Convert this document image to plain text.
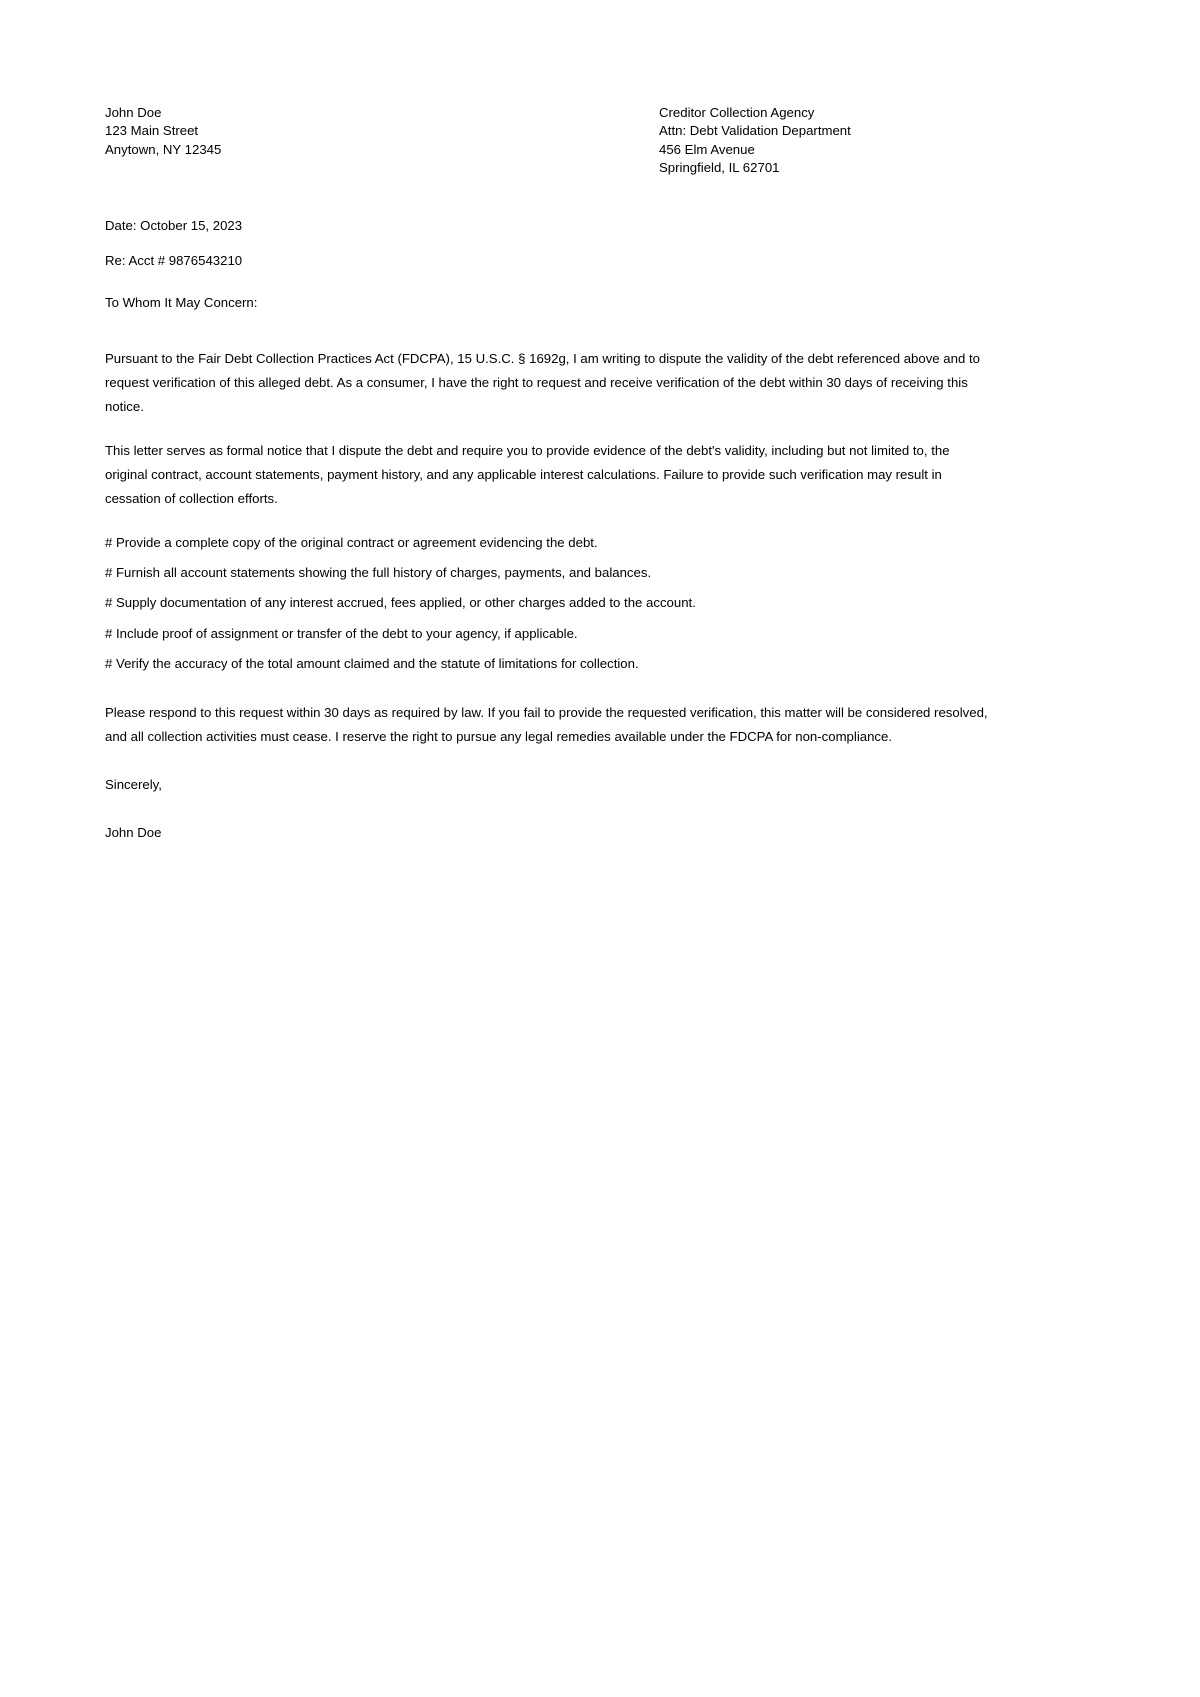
John Doe
123 Main Street
Anytown, NY 12345
Creditor Collection Agency
Attn: Debt Validation Department
456 Elm Avenue
Springfield, IL 62701
Date: October 15, 2023
Re: Acct # 9876543210
To Whom It May Concern:
Pursuant to the Fair Debt Collection Practices Act (FDCPA), 15 U.S.C. § 1692g, I am writing to dispute the validity of the debt referenced above and to request verification of this alleged debt. As a consumer, I have the right to request and receive verification of the debt within 30 days of receiving this notice.
This letter serves as formal notice that I dispute the debt and require you to provide evidence of the debt's validity, including but not limited to, the original contract, account statements, payment history, and any applicable interest calculations. Failure to provide such verification may result in cessation of collection efforts.
# Provide a complete copy of the original contract or agreement evidencing the debt.
# Furnish all account statements showing the full history of charges, payments, and balances.
# Supply documentation of any interest accrued, fees applied, or other charges added to the account.
# Include proof of assignment or transfer of the debt to your agency, if applicable.
# Verify the accuracy of the total amount claimed and the statute of limitations for collection.
Please respond to this request within 30 days as required by law. If you fail to provide the requested verification, this matter will be considered resolved, and all collection activities must cease. I reserve the right to pursue any legal remedies available under the FDCPA for non-compliance.
Sincerely,
John Doe
